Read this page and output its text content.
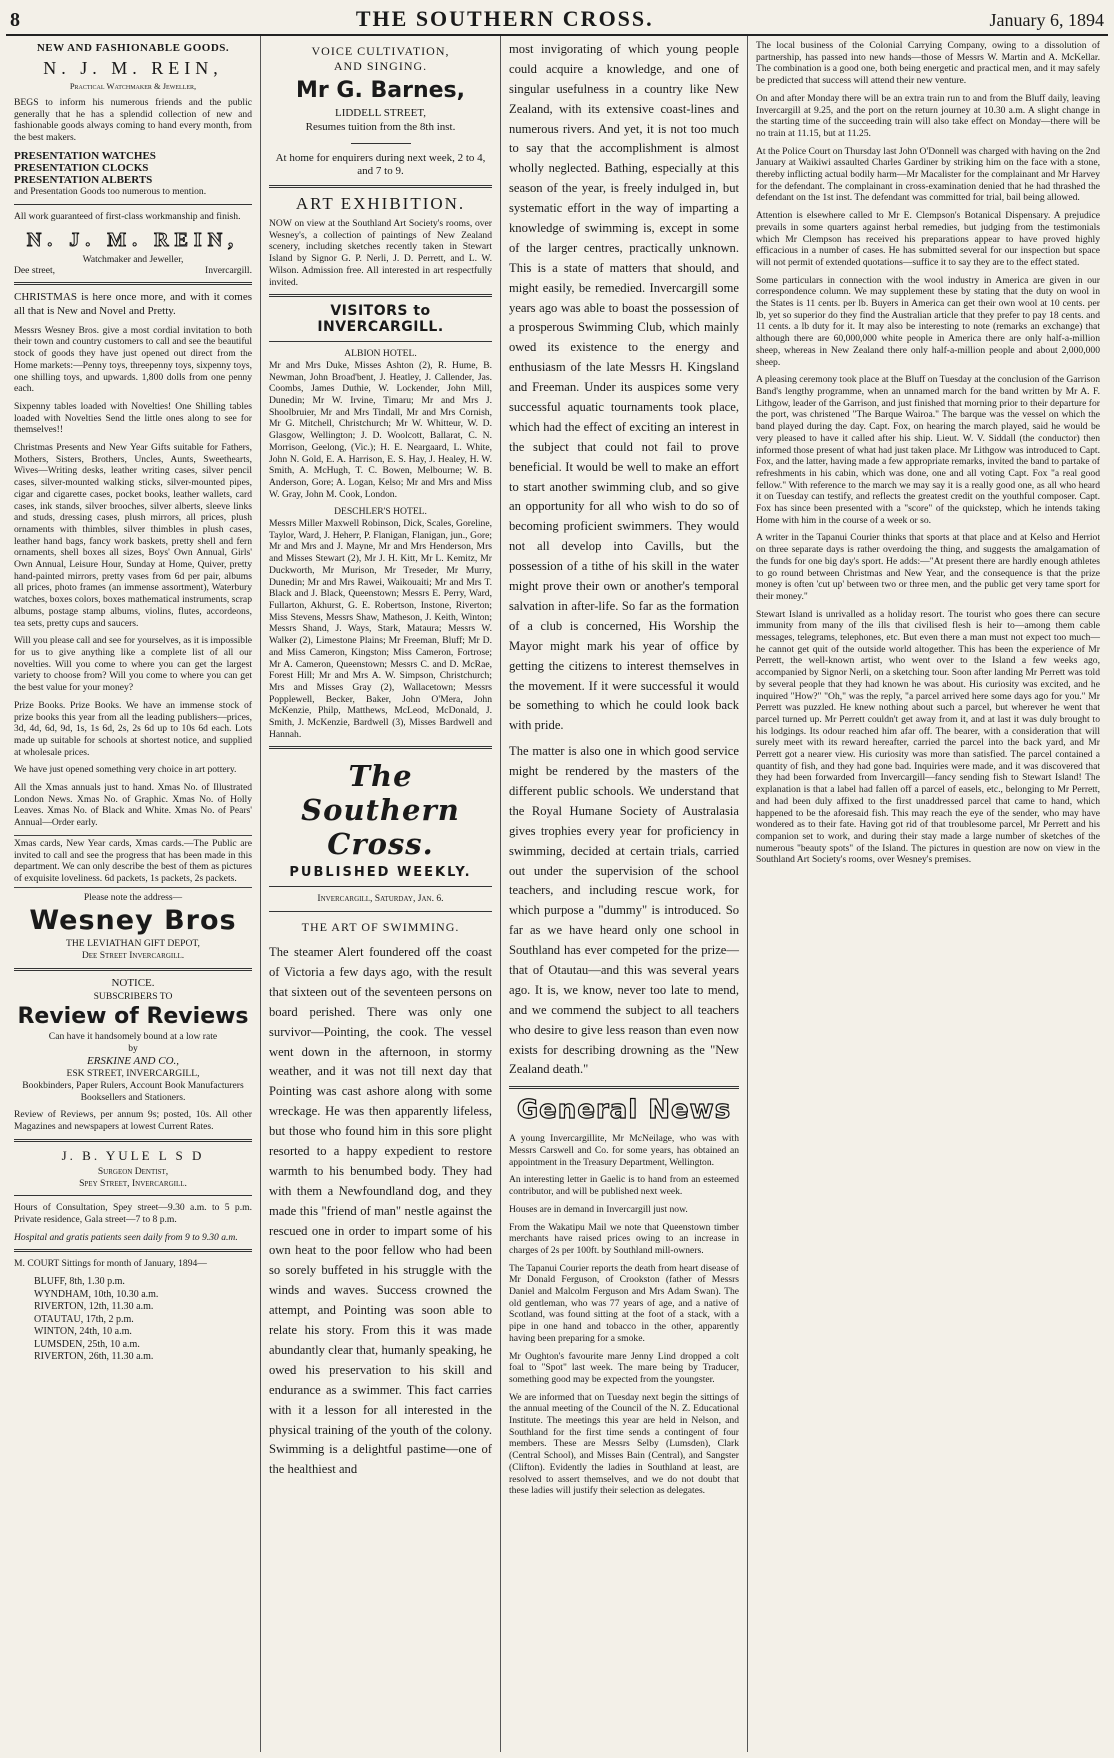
8	THE SOUTHERN CROSS.	January 6, 1894
NEW AND FASHIONABLE GOODS.
N. J. M. REIN,
Practical Watchmaker & Jeweller,

BEGS to inform his numerous friends and the public generally that he has a splendid collection of new and fashionable goods always coming to hand every month, from the best makers.

PRESENTATION WATCHES
PRESENTATION CLOCKS
PRESENTATION ALBERTS

and Presentation Goods too numerous to mention.

All work guaranteed of first-class workmanship and finish.

N. J. M. REIN,
Watchmaker and Jeweller,
Dee street,	Invercargill.

CHRISTMAS is here once more, and with it comes all that is New and Novel and Pretty.

Messrs Wesney Bros. give a most cordial invitation to both their town and country customers to call and see the beautiful stock of goods they have just opened out direct from the Home markets:—Penny toys, threepenny toys, sixpenny toys, one shilling toys, and upwards. 1,800 dolls from one penny each.

Sixpenny tables loaded with Novelties! One Shilling tables loaded with Novelties Send the little ones along to see for themselves!!

Christmas Presents and New Year Gifts suitable for Fathers, Mothers, Sisters, Brothers, Uncles, Aunts, Sweethearts, Wives—Writing desks, leather writing cases, silver pencil cases, silver-mounted walking sticks, silver-mounted pipes, cigar and cigarette cases, pocket books, leather wallets, card cases, ink stands, silver brooches, silver alberts, sleeve links and studs, dressing cases, plush mirrors, all prices, plush ornaments with thimbles, silver thimbles in plush cases, leather hand bags, fancy work baskets, pretty shell and fern ornaments, shell boxes all sizes, Boys' Own Annual, Girls' Own Annual, Leisure Hour, Sunday at Home, Quiver, pretty hand-painted mirrors, pretty vases from 6d per pair, albums all prices, photo frames (an immense assortment), Waterbury watches, boxes colors, boxes mathematical instruments, scrap albums, postage stamp albums, violins, flutes, accordeons, tea sets, pretty cups and saucers.

Will you please call and see for yourselves, as it is impossible for us to give anything like a complete list of all our novelties. Will you come to where you can get the largest variety to choose from? Will you come to where you can get the best value for your money?

Prize Books. Prize Books. We have an immense stock of prize books this year from all the leading publishers—prices, 3d, 4d, 6d, 9d, 1s, 1s 6d, 2s, 2s 6d up to 10s 6d each. Lots made up suitable for schools at shortest notice, and supplied at wholesale prices.

We have just opened something very choice in art pottery.

All the Xmas annuals just to hand. Xmas No. of Illustrated London News. Xmas No. of Graphic. Xmas No. of Holly Leaves. Xmas No. of Black and White. Xmas No. of Pears' Annual—Order early.

Xmas cards, New Year cards, Xmas cards.—The Public are invited to call and see the progress that has been made in this department. We can only describe the best of them as pictures of exquisite loveliness. 6d packets, 1s packets, 2s packets.

Please note the address—
Wesney Bros
THE LEVIATHAN GIFT DEPOT,
Dee Street Invercargill.
NOTICE.
SUBSCRIBERS TO
Review of Reviews
Can have it handsomely bound at a low rate
by
ERSKINE AND CO.,
ESK STREET, INVERCARGILL,

Bookbinders, Paper Rulers, Account Book Manufacturers Booksellers and Stationers.

Review of Reviews, per annum 9s; posted, 10s. All other Magazines and newspapers at lowest Current Rates.

J. B. YULE L S D
Surgeon Dentist,
Spey Street, Invercargill.

Hours of Consultation, Spey street—9.30 a.m. to 5 p.m. Private residence, Gala street—7 to 8 p.m.

Hospital and gratis patients seen daily from 9 to 9.30 a.m.

M. COURT Sittings for month of January, 1894—

BLUFF, 8th, 1.30 p.m.
WYNDHAM, 10th, 10.30 a.m.
RIVERTON, 12th, 11.30 a.m.
OTAUTAU, 17th, 2 p.m.
WINTON, 24th, 10 a.m.
LUMSDEN, 25th, 10 a.m.
RIVERTON, 26th, 11.30 a.m.
VOICE CULTIVATION,
AND SINGING.
Mr G. Barnes,
LIDDELL STREET,
Resumes tuition from the 8th inst.

At home for enquirers during next week, 2 to 4, and 7 to 9.

ART EXHIBITION.

NOW on view at the Southland Art Society's rooms, over Wesney's, a collection of paintings of New Zealand scenery, including sketches recently taken in Stewart Island by Signor G. P. Nerli, J. D. Perrett, and L. W. Wilson. Admission free. All interested in art respectfully invited.

VISITORS to INVERCARGILL.
ALBION HOTEL.

Mr and Mrs Duke, Misses Ashton (2), R. Hume, B. Newman, John Broad'bent, J. Heatley, J. Callender, Jas. Coombs, James Duthie, W. Lockender, John Mill, Dunedin; Mr W. Irvine, Timaru; Mr and Mrs J. Shoolbruier, Mr and Mrs Tindall, Mr and Mrs Cornish, Mr G. Mitchell, Christchurch; Mr W. Whitteur, W. D. Glasgow, Wellington; J. D. Woolcott, Ballarat, C. N. Morrison, Geelong, (Vic.); H. E. Neargaard, L. White, John N. Gold, E. A. Harrison, E. S. Hay, J. Healey, H. W. Smith, A. McHugh, T. C. Bowen, Melbourne; W. B. Anderson, Gore; A. Logan, Kelso; Mr and Mrs and Miss W. Gray, John M. Cook, London.

DESCHLER'S HOTEL.

Messrs Miller Maxwell Robinson, Dick, Scales, Goreline, Taylor, Ward, J. Heherr, P. Flanigan, Flanigan, jun., Gore; Mr and Mrs and J. Mayne, Mr and Mrs Henderson, Mrs and Misses Stewart (2), Mr J. H. Kitt, Mr L. Kemitz, Mr Duckworth, Mr Murison, Mr Treseder, Mr Murry, Dunedin; Mr and Mrs Rawei, Waikouaiti; Mr and Mrs T. Black and J. Black, Queenstown; Messrs E. Perry, Ward, Fullarton, Akhurst, G. E. Robertson, Instone, Riverton; Miss Stevens, Messrs Shaw, Matheson, J. Keith, Winton; Messrs Shand, J. Ways, Stark, Mataura; Messrs W. Walker (2), Limestone Plains; Mr Freeman, Bluff; Mr D. and Miss Cameron, Kingston; Miss Cameron, Fortrose; Mr A. Cameron, Queenstown; Messrs C. and D. McRae, Forest Hill; Mr and Mrs A. W. Simpson, Christchurch; Mrs and Misses Gray (2), Wallacetown; Messrs Popplewell, Becker, Baker, John O'Mera, John McKenzie, Philp, Matthews, McLeod, McDonald, J. Smith, J. McKenzie, Bardwell (3), Misses Bardwell and Hannah.

The Southern Cross.
PUBLISHED WEEKLY.
Invercargill, Saturday, Jan. 6.
THE ART OF SWIMMING.

The steamer Alert foundered off the coast of Victoria a few days ago, with the result that sixteen out of the seventeen persons on board perished. There was only one survivor—Pointing, the cook. The vessel went down in the afternoon, in stormy weather, and it was not till next day that Pointing was cast ashore along with some wreckage. He was then apparently lifeless, but those who found him in this sore plight resorted to a happy expedient to restore warmth to his benumbed body. They had with them a Newfoundland dog, and they made this "friend of man" nestle against the rescued one in order to impart some of his own heat to the poor fellow who had been so sorely buffeted in his struggle with the winds and waves. Success crowned the attempt, and Pointing was soon able to relate his story. From this it was made abundantly clear that, humanly speaking, he owed his preservation to his skill and endurance as a swimmer. This fact carries with it a lesson for all interested in the physical training of the youth of the colony. Swimming is a delightful pastime—one of the healthiest and

most invigorating of which young people could acquire a knowledge, and one of singular usefulness in a country like New Zealand, with its extensive coast-lines and numerous rivers. And yet, it is not too much to say that the accomplishment is almost wholly neglected. Bathing, especially at this season of the year, is freely indulged in, but systematic effort in the way of imparting a knowledge of swimming is, except in some of the larger centres, practically unknown. This is a state of matters that should, and might easily, be remedied. Invercargill some years ago was able to boast the possession of a prosperous Swimming Club, which mainly owed its existence to the energy and enthusiasm of the late Messrs H. Kingsland and Freeman. Under its auspices some very successful aquatic tournaments took place, which had the effect of exciting an interest in the subject that could not fail to prove beneficial. It would be well to make an effort to start another swimming club, and so give an opportunity for all who wish to do so of becoming proficient swimmers. They would not all develop into Cavills, but the possession of a tithe of his skill in the water might prove their own or another's temporal salvation in after-life. So far as the formation of a club is concerned, His Worship the Mayor might mark his year of office by getting the citizens to interest themselves in the movement. If it were successful it would be something to which he could look back with pride.

The matter is also one in which good service might be rendered by the masters of the different public schools. We understand that the Royal Humane Society of Australasia gives trophies every year for proficiency in swimming, decided at certain trials, carried out under the supervision of the school teachers, and including rescue work, for which purpose a "dummy" is introduced. So far as we have heard only one school in Southland has ever competed for the prize—that of Otautau—and this was several years ago. It is, we know, never too late to mend, and we commend the subject to all teachers who desire to give less reason than even now exists for describing drowning as the "New Zealand death."

General News

A young Invercargillite, Mr McNeilage, who was with Messrs Carswell and Co. for some years, has obtained an appointment in the Treasury Department, Wellington.

An interesting letter in Gaelic is to hand from an esteemed contributor, and will be published next week.

Houses are in demand in Invercargill just now.

From the Wakatipu Mail we note that Queenstown timber merchants have raised prices owing to an increase in charges of 2s per 100ft. by Southland mill-owners.

The Tapanui Courier reports the death from heart disease of Mr Donald Ferguson, of Crookston (father of Messrs Daniel and Malcolm Ferguson and Mrs Adam Swan). The old gentleman, who was 77 years of age, and a native of Scotland, was found sitting at the foot of a stack, with a pipe in one hand and tobacco in the other, apparently having been preparing for a smoke.

Mr Oughton's favourite mare Jenny Lind dropped a colt foal to "Spot" last week. The mare being by Traducer, something good may be expected from the youngster.

We are informed that on Tuesday next begin the sittings of the annual meeting of the Council of the N. Z. Educational Institute. The meetings this year are held in Nelson, and Southland for the first time sends a contingent of four members. These are Messrs Selby (Lumsden), Clark (Central School), and Misses Bain (Central), and Sangster (Clifton). Evidently the ladies in Southland at least, are resolved to assert themselves, and we do not doubt that these ladies will justify their selection as delegates.

The local business of the Colonial Carrying Company, owing to a dissolution of partnership, has passed into new hands—those of Messrs W. Martin and A. McKellar. The combination is a good one, both being energetic and practical men, and it may safely be predicted that success will attend their new venture.

On and after Monday there will be an extra train run to and from the Bluff daily, leaving Invercargill at 9.25, and the port on the return journey at 10.30 a.m. A slight change in the starting time of the succeeding train will also take effect on Monday—there will be no train at 11.15, but at 11.25.

At the Police Court on Thursday last John O'Donnell was charged with having on the 2nd January at Waikiwi assaulted Charles Gardiner by striking him on the face with a stone, thereby inflicting actual bodily harm—Mr Macalister for the complainant and Mr Harvey for the defendant. The complainant in cross-examination denied that he had thrashed the defendant on the 1st inst. The defendant was committed for trial, bail being allowed.

Attention is elsewhere called to Mr E. Clempson's Botanical Dispensary. A prejudice prevails in some quarters against herbal remedies, but judging from the testimonials which Mr Clempson has received his preparations appear to have proved highly efficacious in a number of cases. He has submitted several for our inspection but space will not permit of extended quotations—suffice it to say they are to the effect stated.

Some particulars in connection with the wool industry in America are given in our correspondence column. We may supplement these by stating that the duty on wool in the States is 11 cents. per lb. Buyers in America can get their own wool at 10 cents. per lb, yet so superior do they find the Australian article that they prefer to pay 18 cents. and 11 cents. a lb duty for it. It may also be interesting to note (remarks an exchange) that although there are 60,000,000 white people in America there are only half-a-million sheep, whereas in New Zealand there only half-a-million people and about 2,000,000 sheep.

A pleasing ceremony took place at the Bluff on Tuesday at the conclusion of the Garrison Band's lengthy programme, when an unnamed march for the band written by Mr A. F. Lithgow, leader of the Garrison, and just finished that morning prior to their departure for the port, was christened "The Barque Wairoa." The barque was the vessel on which the band played during the day. Capt. Fox, on hearing the march played, said he would be very pleased to have it called after his ship. Lieut. W. V. Siddall (the conductor) then informed those present of what had just taken place. Mr Lithgow was introduced to Capt. Fox, and the latter, having made a few appropriate remarks, invited the band to partake of refreshments in his cabin, which was done, one and all voting Capt. Fox "a real good fellow." With reference to the march we may say it is a really good one, as all who heard it on Tuesday can testify, and reflects the greatest credit on the youthful composer. Capt. Fox has since been presented with a "score" of the quickstep, which he intends taking Home with him in the course of a week or so.

A writer in the Tapanui Courier thinks that sports at that place and at Kelso and Herriot on three separate days is rather overdoing the thing, and suggests the amalgamation of the funds for one big day's sport. He adds:—"At present there are hardly enough athletes to go round between Christmas and New Year, and the consequence is that the prize money is often 'cut up' between two or three men, and the public get very tame sport for their money."

Stewart Island is unrivalled as a holiday resort. The tourist who goes there can secure immunity from many of the ills that civilised flesh is heir to—among them cable messages, telegrams, telephones, etc. But even there a man must not expect too much—he cannot get quit of the outside world altogether. This has been the experience of Mr Perrett, the well-known artist, who went over to the Island a few weeks ago, accompanied by Signor Nerli, on a sketching tour. Soon after landing Mr Perrett was told by several people that they had known he was about. His curiosity was excited, and he inquired "How?" "Oh," was the reply, "a parcel arrived here some days ago for you." Mr Perrett was puzzled. He knew nothing about such a parcel, but wherever he went that parcel turned up. Mr Perrett couldn't get away from it, and at last it was duly brought to his lodgings. Its odour reached him afar off. The bearer, with a consideration that will surely meet with its reward hereafter, carried the parcel into the back yard, and Mr Perrett got a nearer view. His curiosity was more than satisfied. The parcel contained a quantity of fish, and they had gone bad. Inquiries were made, and it was discovered that they had been forwarded from Invercargill—fancy sending fish to Stewart Island! The explanation is that a label had fallen off a parcel of easels, etc., belonging to Mr Perrett, and had been duly affixed to the first unaddressed parcel that came to hand, which happened to be the aforesaid fish. This may reach the eye of the sender, who may have wondered as to their fate. Having got rid of that troublesome parcel, Mr Perrett and his companion set to work, and during their stay made a large number of sketches of the numerous "beauty spots" of the Island. The pictures in question are now on view in the Southland Art Society's rooms, over Wesney's premises.
